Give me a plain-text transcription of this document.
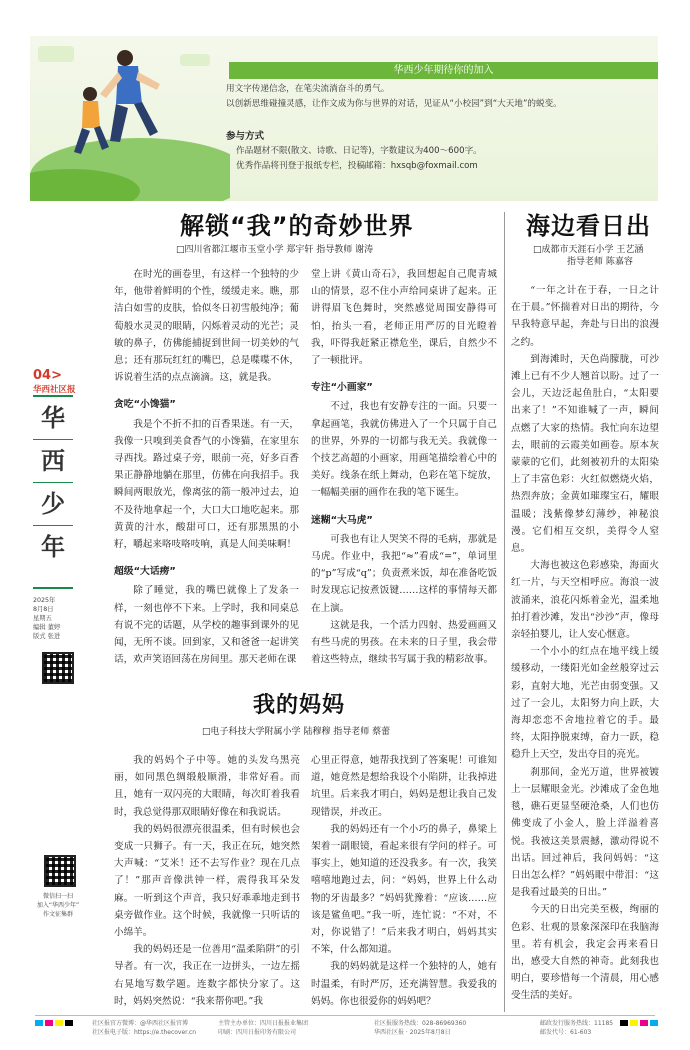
用文字传递信念，在笔尖流淌奋斗的勇气。
以创新思维碰撞灵感，让作文成为你与世界的对话，见证从“小校园”到“大天地”的蜕变。
参与方式
作品题材不限(散文、诗歌、日记等)，字数建议为400～600字。
优秀作品将刊登于报纸专栏，投稿邮箱：hxsqb@foxmail.com
华西少年期待你的加入
04>
华西社区报
华
西
少
年
2025年
8月8日
星期五
编辑 董婷
版式 张进
微信扫一扫
加入“华西少年”
作文征集群
解锁“我”的奇妙世界
□四川省都江堰市玉堂小学 郑宇轩 指导教师 谢涛

在时光的画卷里，有这样一个独特的少年，他带着鲜明的个性，缓缓走来。瞧，那洁白如雪的皮肤，恰似冬日初雪般纯净；葡萄般水灵灵的眼睛，闪烁着灵动的光芒；灵敏的鼻子，仿佛能捕捉到世间一切美妙的气息；还有那玩红红的嘴巴，总是喋喋不休，诉说着生活的点点滴滴。这，就是我。

贪吃“小馋猫”

我是个不折不扣的百香果迷。有一天，我像一只嗅到美食香气的小馋猫，在家里东寻西找。路过桌子旁，眼前一亮，好多百香果正静静地躺在那里，仿佛在向我招手。我瞬间两眼放光，像离弦的箭一般冲过去，迫不及待地拿起一个，大口大口地吃起来。那黄黄的汁水，酸甜可口，还有那黑黑的小籽，嚼起来咯吱咯吱响，真是人间美味啊！

超级“大话痨”

除了睡觉，我的嘴巴就像上了发条一样，一刻也停不下来。上学时，我和同桌总有说不完的话题，从学校的趣事到课外的见闻，无所不谈。回到家，又和爸爸一起讲笑话，欢声笑语回荡在房间里。那天老师在课

堂上讲《黄山奇石》，我回想起自己爬青城山的情景，忍不住小声给同桌讲了起来。正讲得眉飞色舞时，突然感觉周围安静得可怕，抬头一看，老师正用严厉的目光瞪着我，吓得我赶紧正襟危坐，课后，自然少不了一顿批评。

专注“小画家”

不过，我也有安静专注的一面。只要一拿起画笔，我就仿佛进入了一个只属于自己的世界，外界的一切都与我无关。我就像一个技艺高超的小画家，用画笔描绘着心中的美好。线条在纸上舞动，色彩在笔下绽放，一幅幅美丽的画作在我的笔下诞生。

迷糊“大马虎”

可我也有让人哭笑不得的毛病，那就是马虎。作业中，我把“≈”看成“=”，单词里的“p”写成“q”；负责煮米饭，却在准备吃饭时发现忘记按煮饭键……这样的事情每天都在上演。

这就是我，一个活力四射、热爱画画又有些马虎的男孩。在未来的日子里，我会带着这些特点，继续书写属于我的精彩故事。

海边看日出
□成都市天涯石小学 王艺涵
指导老师 陈嘉容

“一年之计在于春，一日之计在于晨。”怀揣着对日出的期待，今早我特意早起，奔赴与日出的浪漫之约。

到海滩时，天色尚朦胧，可沙滩上已有不少人翘首以盼。过了一会儿，天边泛起鱼肚白，“太阳要出来了！”不知谁喊了一声，瞬间点燃了大家的热情。我忙向东边望去，眼前的云霞美如画卷。原本灰蒙蒙的它们，此刻被初升的太阳染上了丰富色彩：火红似燃烧火焰，热烈奔放；金黄如璀璨宝石，耀眼温暖；浅紫像梦幻薄纱，神秘浪漫。它们相互交织，美得令人窒息。

大海也被这色彩感染，海面火红一片，与天空相呼应。海浪一波波涌来，浪花闪烁着金光，温柔地拍打着沙滩，发出“沙沙”声，像母亲轻拍婴儿，让人安心惬意。

一个小小的红点在地平线上缓缓移动，一缕阳光如金丝般穿过云彩，直射大地，光芒由弱变强。又过了一会儿，太阳努力向上跃，大海却恋恋不舍地拉着它的手。最终，太阳挣脱束缚，奋力一跃，稳稳升上天空，发出夺目的亮光。

刹那间，金光万道，世界被镀上一层耀眼金光。沙滩成了金色地毯，礁石更显坚硬沧桑，人们也仿佛变成了小金人，脸上洋溢着喜悦。我被这美景震撼，激动得说不出话。回过神后，我问妈妈：“这日出怎么样？”妈妈眼中带泪：“这是我看过最美的日出。”

今天的日出完美至极，绚丽的色彩、壮观的景象深深印在我脑海里。若有机会，我定会再来看日出，感受大自然的神奇。此刻我也明白，要珍惜每一个清晨，用心感受生活的美好。

我的妈妈
□电子科技大学附属小学 陆穆穆 指导老师 蔡蕾

我的妈妈个子中等。她的头发乌黑亮丽，如同黑色绸缎般顺滑，非常好看。而且，她有一双闪亮的大眼睛，每次盯着我看时，我总觉得那双眼睛好像在和我说话。

我的妈妈很漂亮很温柔，但有时候也会变成一只狮子。有一天，我正在玩，她突然大声喊：“艾米！还不去写作业？现在几点了！”那声音像洪钟一样，震得我耳朵发麻。一听到这个声音，我只好乖乖地走到书桌旁做作业。这个时候，我就像一只听话的小绵羊。

我的妈妈还是一位善用“温柔陷阱”的引导者。有一次，我正在一边拼头，一边左摇右晃地写数学题。连数字都快分家了。这时，妈妈突然说：“我来帮你吧。”我

心里正得意，她帮我找到了答案呢！可谁知道，她竟然是想给我设个小陷阱，让我掉进坑里。后来我才明白，妈妈是想让我自己发现错误，并改正。

我的妈妈还有一个小巧的鼻子，鼻梁上架着一副眼镜，看起来很有学问的样子。可事实上，她知道的还没我多。有一次，我笑嘻嘻地跑过去，问：“妈妈，世界上什么动物的牙齿最多？”妈妈犹豫着：“应该……应该是鲨鱼吧。”我一听，连忙说：“不对，不对，你说错了！”后来我才明白，妈妈其实不笨，什么都知道。

我的妈妈就是这样一个独特的人，她有时温柔，有时严厉，还充满智慧。我爱我的妈妈。你也很爱你的妈妈吧？

社区报官方微博：@华西社区报官博
社区报电子版：https://e.thecover.cn
主管主办单位：四川日报报业集团
印刷：四川日报印务有限公司
社区报服务热线：028-86969360
华西社区报 · 2025年8月8日
邮政发行服务热线：11185
邮发代号：61-603
